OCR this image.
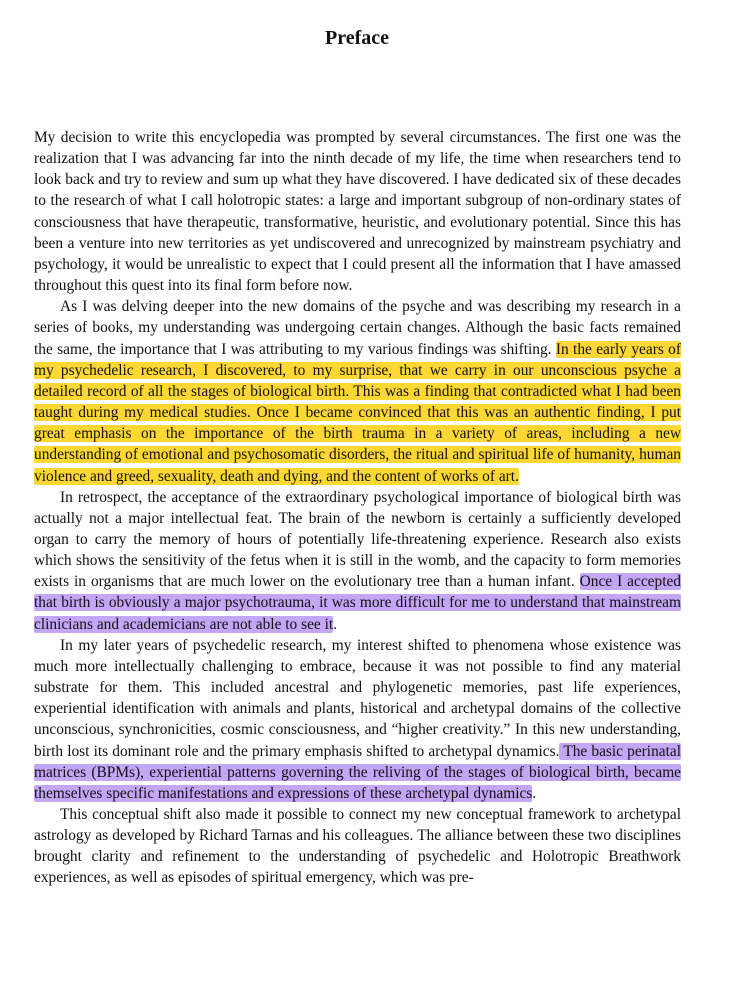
Preface

My decision to write this encyclopedia was prompted by several circumstances. The first one was the realization that I was advancing far into the ninth decade of my life, the time when researchers tend to look back and try to review and sum up what they have discovered. I have dedicated six of these decades to the research of what I call holotropic states: a large and important subgroup of non-ordinary states of consciousness that have therapeutic, transformative, heuristic, and evolutionary potential. Since this has been a venture into new territories as yet undiscovered and unrecognized by mainstream psychiatry and psychology, it would be unrealistic to expect that I could present all the information that I have amassed throughout this quest into its final form before now.

As I was delving deeper into the new domains of the psyche and was describing my research in a series of books, my understanding was undergoing certain changes. Although the basic facts remained the same, the importance that I was attributing to my various findings was shifting. In the early years of my psychedelic research, I discovered, to my surprise, that we carry in our unconscious psyche a detailed record of all the stages of biological birth. This was a finding that contradicted what I had been taught during my medical studies. Once I became convinced that this was an authentic finding, I put great emphasis on the importance of the birth trauma in a variety of areas, including a new understanding of emotional and psychosomatic disorders, the ritual and spiritual life of humanity, human violence and greed, sexuality, death and dying, and the content of works of art.

In retrospect, the acceptance of the extraordinary psychological importance of biological birth was actually not a major intellectual feat. The brain of the newborn is certainly a sufficiently developed organ to carry the memory of hours of potentially life-threatening experience. Research also exists which shows the sensitivity of the fetus when it is still in the womb, and the capacity to form memories exists in organisms that are much lower on the evolutionary tree than a human infant. Once I accepted that birth is obviously a major psychotrauma, it was more difficult for me to understand that mainstream clinicians and academicians are not able to see it.

In my later years of psychedelic research, my interest shifted to phenomena whose existence was much more intellectually challenging to embrace, because it was not possible to find any material substrate for them. This included ancestral and phylogenetic memories, past life experiences, experiential identification with animals and plants, historical and archetypal domains of the collective unconscious, synchronicities, cosmic consciousness, and “higher creativity.” In this new understanding, birth lost its dominant role and the primary emphasis shifted to archetypal dynamics. The basic perinatal matrices (BPMs), experiential patterns governing the reliving of the stages of biological birth, became themselves specific manifestations and expressions of these archetypal dynamics.

This conceptual shift also made it possible to connect my new conceptual framework to archetypal astrology as developed by Richard Tarnas and his colleagues. The alliance between these two disciplines brought clarity and refinement to the understanding of psychedelic and Holotropic Breathwork experiences, as well as episodes of spiritual emergency, which was pre-
